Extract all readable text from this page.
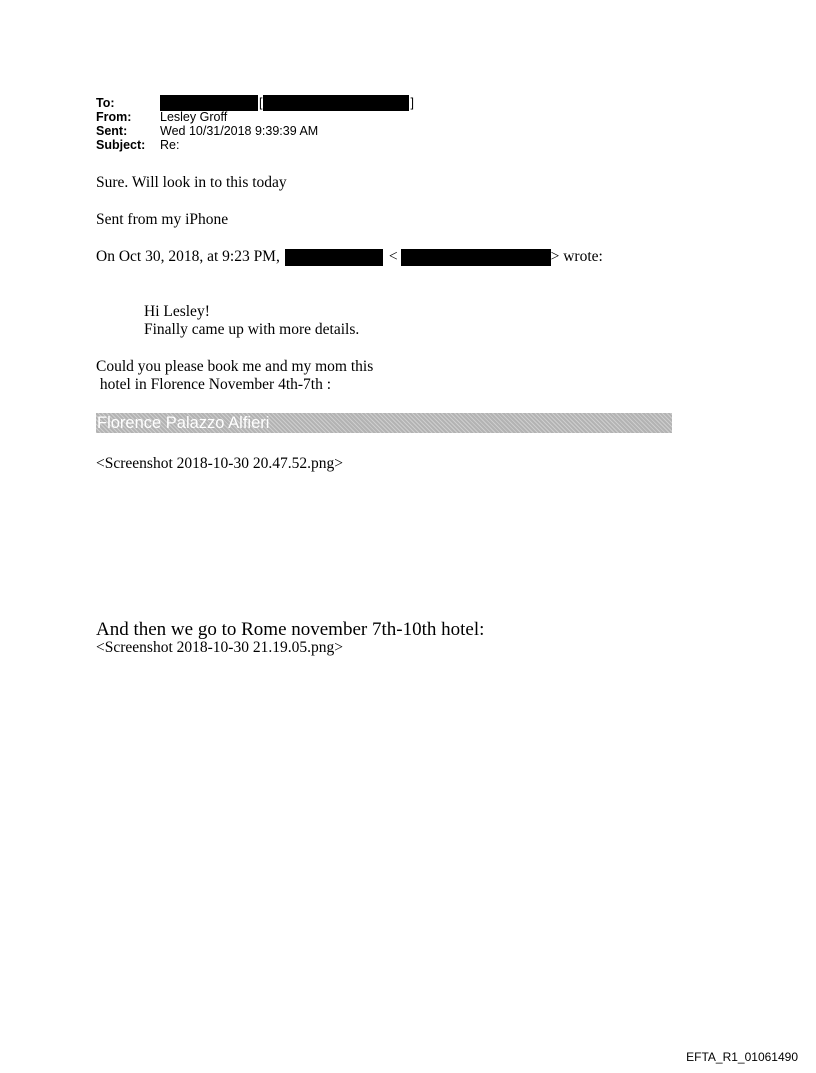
To:	[	]
From:	Lesley Groff
Sent:	Wed 10/31/2018 9:39:39 AM
Subject:	Re:
Sure. Will look in to this today
Sent from my iPhone
On Oct 30, 2018, at 9:23 PM,	<	> wrote:
Hi Lesley!
Finally came up with more details.
Could you please book me and my mom this
hotel in Florence November 4th-7th :
Florence Palazzo Alfieri
<Screenshot 2018-10-30 20.47.52.png>
And then we go to Rome november 7th-10th hotel:
<Screenshot 2018-10-30 21.19.05.png>
EFTA_R1_01061490
